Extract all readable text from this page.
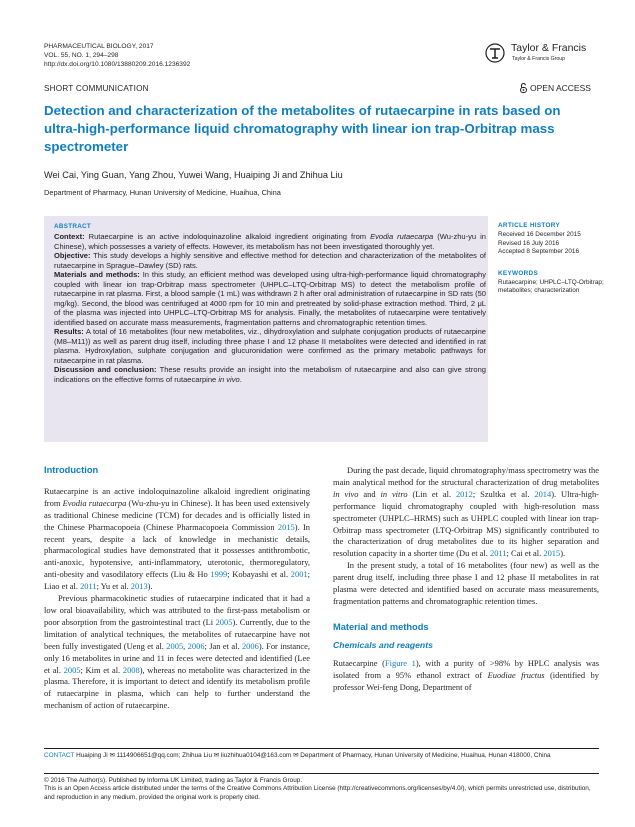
PHARMACEUTICAL BIOLOGY, 2017
VOL. 55, NO. 1, 294–298
http://dx.doi.org/10.1080/13880209.2016.1236392
Taylor & Francis
Taylor & Francis Group
SHORT COMMUNICATION	OPEN ACCESS
Detection and characterization of the metabolites of rutaecarpine in rats based on ultra-high-performance liquid chromatography with linear ion trap-Orbitrap mass spectrometer
Wei Cai, Ying Guan, Yang Zhou, Yuwei Wang, Huaiping Ji and Zhihua Liu
Department of Pharmacy, Hunan University of Medicine, Huaihua, China
ABSTRACT

Context: Rutaecarpine is an active indoloquinazoline alkaloid ingredient originating from Evodia rutaecarpa (Wu-zhu-yu in Chinese), which possesses a variety of effects. However, its metabolism has not been investigated thoroughly yet.

Objective: This study develops a highly sensitive and effective method for detection and characterization of the metabolites of rutaecarpine in Sprague–Dawley (SD) rats.

Materials and methods: In this study, an efficient method was developed using ultra-high-performance liquid chromatography coupled with linear ion trap-Orbitrap mass spectrometer (UHPLC–LTQ-Orbitrap MS) to detect the metabolism profile of rutaecarpine in rat plasma. First, a blood sample (1 mL) was withdrawn 2 h after oral administration of rutaecarpine in SD rats (50 mg/kg). Second, the blood was centrifuged at 4000 rpm for 10 min and pretreated by solid-phase extraction method. Third, 2 μL of the plasma was injected into UHPLC–LTQ-Orbitrap MS for analysis. Finally, the metabolites of rutaecarpine were tentatively identified based on accurate mass measurements, fragmentation patterns and chromatographic retention times.

Results: A total of 16 metabolites (four new metabolites, viz., dihydroxylation and sulphate conjugation products of rutaecarpine (M8–M11)) as well as parent drug itself, including three phase I and 12 phase II metabolites were detected and identified in rat plasma. Hydroxylation, sulphate conjugation and glucuronidation were confirmed as the primary metabolic pathways for rutaecarpine in rat plasma.

Discussion and conclusion: These results provide an insight into the metabolism of rutaecarpine and also can give strong indications on the effective forms of rutaecarpine in vivo.

ARTICLE HISTORY
Received 16 December 2015
Revised 16 July 2016
Accepted 8 September 2016
KEYWORDS
Rutaecarpine; UHPLC–LTQ-Orbitrap; metabolites; characterization
Introduction

Rutaecarpine is an active indoloquinazoline alkaloid ingredient originating from Evodia rutaecarpa (Wu-zhu-yu in Chinese). It has been used extensively as traditional Chinese medicine (TCM) for decades and is officially listed in the Chinese Pharmacopoeia (Chinese Pharmacopoeia Commission 2015). In recent years, despite a lack of knowledge in mechanistic details, pharmacological studies have demonstrated that it possesses antithrombotic, anti-anoxic, hypotensive, anti-inflammatory, uterotonic, thermoregulatory, anti-obesity and vasodilatory effects (Liu & Ho 1999; Kobayashi et al. 2001; Liao et al. 2011; Yu et al. 2013).

Previous pharmacokinetic studies of rutaecarpine indicated that it had a low oral bioavailability, which was attributed to the first-pass metabolism or poor absorption from the gastrointestinal tract (Li 2005). Currently, due to the limitation of analytical techniques, the metabolites of rutaecarpine have not been fully investigated (Ueng et al. 2005, 2006; Jan et al. 2006). For instance, only 16 metabolites in urine and 11 in feces were detected and identified (Lee et al. 2005; Kim et al. 2008), whereas no metabolite was characterized in the plasma. Therefore, it is important to detect and identify its metabolism profile of rutaecarpine in plasma, which can help to further understand the mechanism of action of rutaecarpine.

During the past decade, liquid chromatography/mass spectrometry was the main analytical method for the structural characterization of drug metabolites in vivo and in vitro (Lin et al. 2012; Szultka et al. 2014). Ultra-high-performance liquid chromatography coupled with high-resolution mass spectrometer (UHPLC–HRMS) such as UHPLC coupled with linear ion trap-Orbitrap mass spectrometer (LTQ-Orbitrap MS) significantly contributed to the characterization of drug metabolites due to its higher separation and resolution capacity in a shorter time (Du et al. 2011; Cai et al. 2015).

In the present study, a total of 16 metabolites (four new) as well as the parent drug itself, including three phase I and 12 phase II metabolites in rat plasma were detected and identified based on accurate mass measurements, fragmentation patterns and chromatographic retention times.

Material and methods
Chemicals and reagents

Rutaecarpine (Figure 1), with a purity of >98% by HPLC analysis was isolated from a 95% ethanol extract of Euodiae fructus (identified by professor Wei-feng Dong, Department of

CONTACT Huaiping Ji ✉ 1114906651@qq.com; Zhihua Liu ✉ liuzhihua0104@163.com ✉ Department of Pharmacy, Hunan University of Medicine, Huaihua, Hunan 418000, China
© 2016 The Author(s). Published by Informa UK Limited, trading as Taylor & Francis Group.
This is an Open Access article distributed under the terms of the Creative Commons Attribution License (http://creativecommons.org/licenses/by/4.0/), which permits unrestricted use, distribution, and reproduction in any medium, provided the original work is properly cited.
